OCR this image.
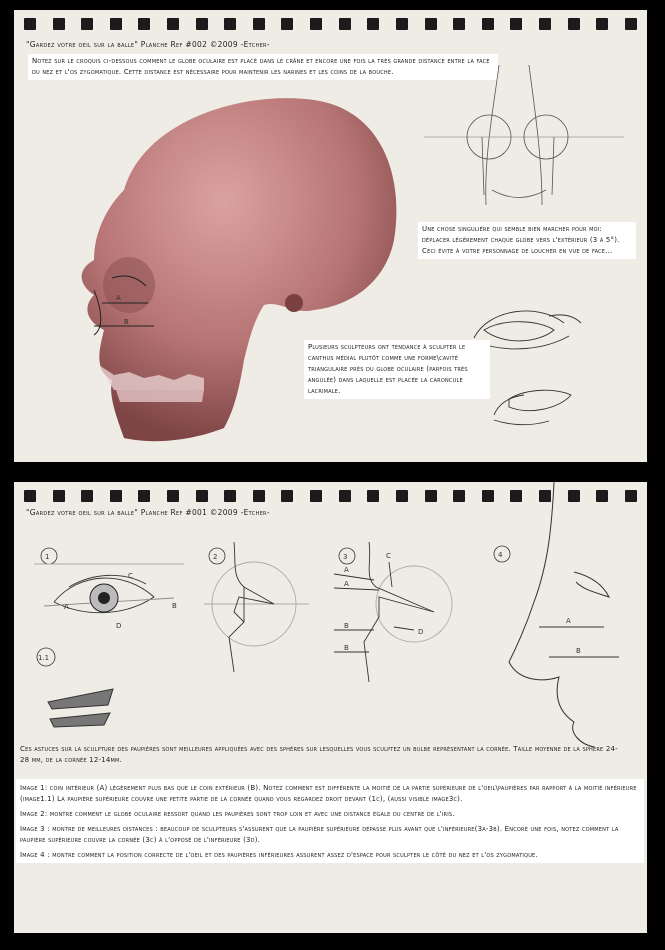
"Gardez votre oeil sur la balle" Planche Ref #002 ©2009 -Etcher-
Notez sur le croquis ci-dessous comment le globe oculaire est placé dans le crâne et encore une fois la très grande distance entre la face du nez et l'os zygomatique. Cette distance est nécessaire pour maintenir les narines et les coins de la bouche.
A
B
Une chose singulière qui semble bien marcher pour moi: déplacer légèrement chaque globe vers l'extérieur (3 à 5°). Ceci évite à votre personnage de loucher en vue de face...
Plusieurs sculpteurs ont tendance à sculpter le canthus médial plutôt comme une forme\cavité triangulaire près du globe oculaire (parfois très angulée) dans laquelle est placée la caroncule lacrimale.
"Gardez votre oeil sur la balle" Planche Ref #001 ©2009 -Etcher-
1
A	B
C
D
1.1
2	3
A
A
B
B
C
D
4
A
B
Ces astuces sur la sculpture des paupières sont meilleures appliquées avec des sphères sur lesquelles vous sculptez un bulbe représentant la cornée. Taille moyenne de la sphère 24-28 mm, de la cornée 12-14mm.
Image 1: coin intérieur (A) légèrement plus bas que le coin extérieur (B). Notez comment est différente la moitié de la partie supérieure de l'oeil\paupières par rapport à la moitié inférieure (image1.1) La paupière supérieure couvre une petite partie de la cornée quand vous regardez droit devant (1c), (aussi visible image3c).
Image 2: montre comment le globe oculaire ressort quand les paupières sont trop loin et avec une distance égale du centre de l'iris.
Image 3 : montre de meilleures distances : beaucoup de sculpteurs s'assurent que la paupière supérieure dépasse plus avant que l'inférieure(3a-3b). Encore une fois, notez comment la paupière supérieure couvre la cornée (3c) à l'opposé de l'inférieure (3d).
Image 4 : montre comment la position correcte de l'oeil et des paupières inférieures assurent assez d'espace pour sculpter le côté du nez et l'os zygomatique.
